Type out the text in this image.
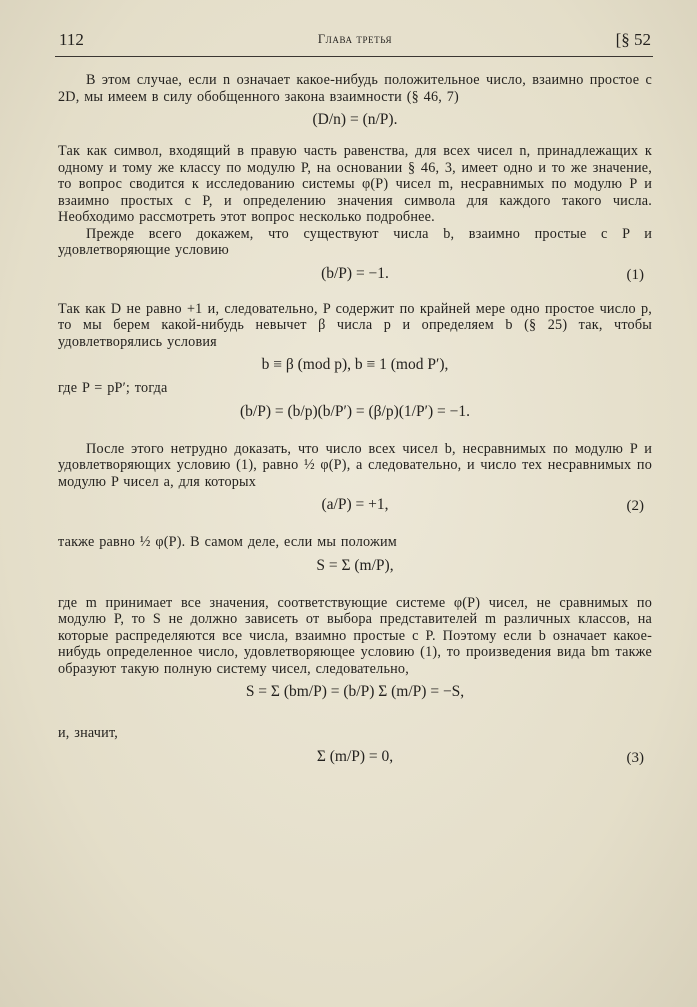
112	Глава третья	[§ 52

В этом случае, если n означает какое-нибудь положительное число, взаимно простое с 2D, мы имеем в силу обобщенного закона взаимности (§ 46, 7)

(D/n) = (n/P).

Так как символ, входящий в правую часть равенства, для всех чисел n, принадлежащих к одному и тому же классу по модулю P, на основании § 46, 3, имеет одно и то же значение, то вопрос сводится к исследованию системы φ(P) чисел m, несравнимых по модулю P и взаимно простых с P, и определению значения символа для каждого такого числа. Необходимо рассмотреть этот вопрос несколько подробнее.

Прежде всего докажем, что существуют числа b, взаимно простые с P и удовлетворяющие условию

(b/P) = −1.	(1)

Так как D не равно +1 и, следовательно, P содержит по крайней мере одно простое число p, то мы берем какой-нибудь невычет β числа p и определяем b (§ 25) так, чтобы удовлетворялись условия

b ≡ β (mod p), b ≡ 1 (mod P′),

где P = pP′; тогда

(b/P) = (b/p)(b/P′) = (β/p)(1/P′) = −1.

После этого нетрудно доказать, что число всех чисел b, несравнимых по модулю P и удовлетворяющих условию (1), равно ½ φ(P), а следовательно, и число тех несравнимых по модулю P чисел a, для которых

(a/P) = +1,	(2)

также равно ½ φ(P). В самом деле, если мы положим

S = Σ (m/P),

где m принимает все значения, соответствующие системе φ(P) чисел, не сравнимых по модулю P, то S не должно зависеть от выбора представителей m различных классов, на которые распределяются все числа, взаимно простые с P. Поэтому если b означает какое-нибудь определенное число, удовлетворяющее условию (1), то произведения вида bm также образуют такую полную систему чисел, следовательно,

S = Σ (bm/P) = (b/P) Σ (m/P) = −S,

и, значит,

Σ (m/P) = 0,	(3)
